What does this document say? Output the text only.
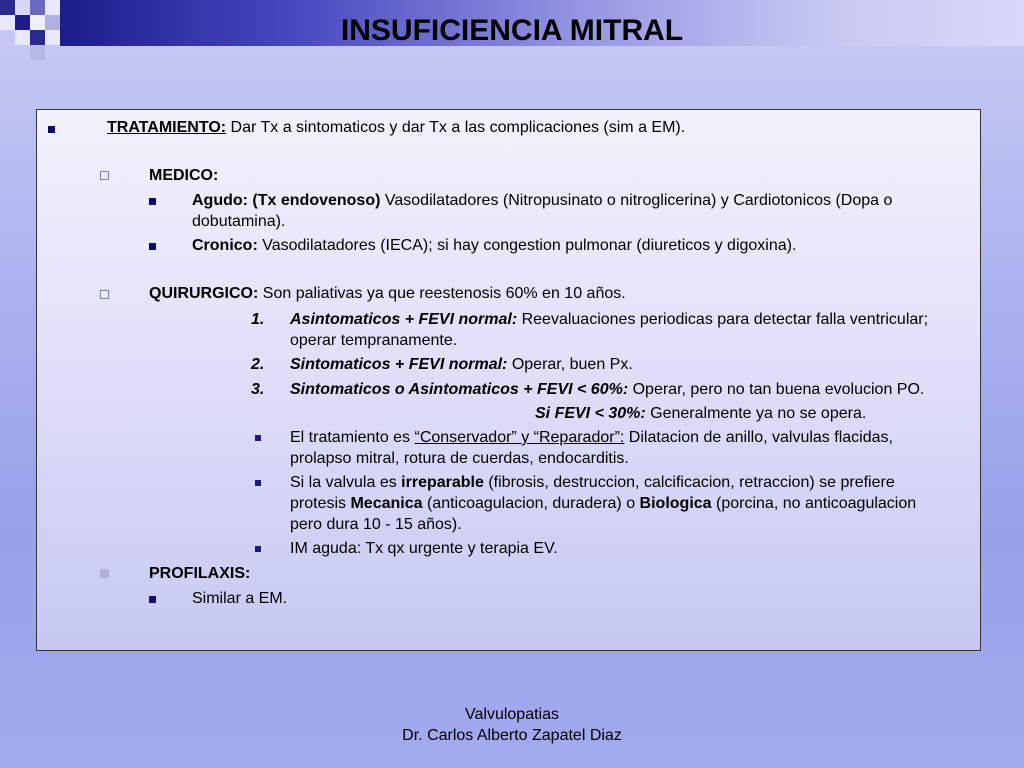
INSUFICIENCIA MITRAL
TRATAMIENTO: Dar Tx a sintomaticos y dar Tx a las complicaciones (sim a EM).
MEDICO:
Agudo: (Tx endovenoso) Vasodilatadores (Nitropusinato o nitroglicerina) y Cardiotonicos (Dopa o
dobutamina).
Cronico: Vasodilatadores (IECA); si hay congestion pulmonar (diureticos y digoxina).
QUIRURGICO: Son paliativas ya que reestenosis 60% en 10 años.
1. Asintomaticos + FEVI normal: Reevaluaciones periodicas para detectar falla ventricular;
operar tempranamente.
2. Sintomaticos + FEVI normal: Operar, buen Px.
3. Sintomaticos o Asintomaticos + FEVI < 60%: Operar, pero no tan buena evolucion PO.
Si FEVI < 30%: Generalmente ya no se opera.
El tratamiento es “Conservador” y “Reparador”: Dilatacion de anillo, valvulas flacidas,
prolapso mitral, rotura de cuerdas, endocarditis.
Si la valvula es irreparable (fibrosis, destruccion, calcificacion, retraccion) se prefiere
protesis Mecanica (anticoagulacion, duradera) o Biologica (porcina, no anticoagulacion
pero dura 10 - 15 años).
IM aguda: Tx qx urgente y terapia EV.
PROFILAXIS:
Similar a EM.
Valvulopatias
Dr. Carlos Alberto Zapatel Diaz
